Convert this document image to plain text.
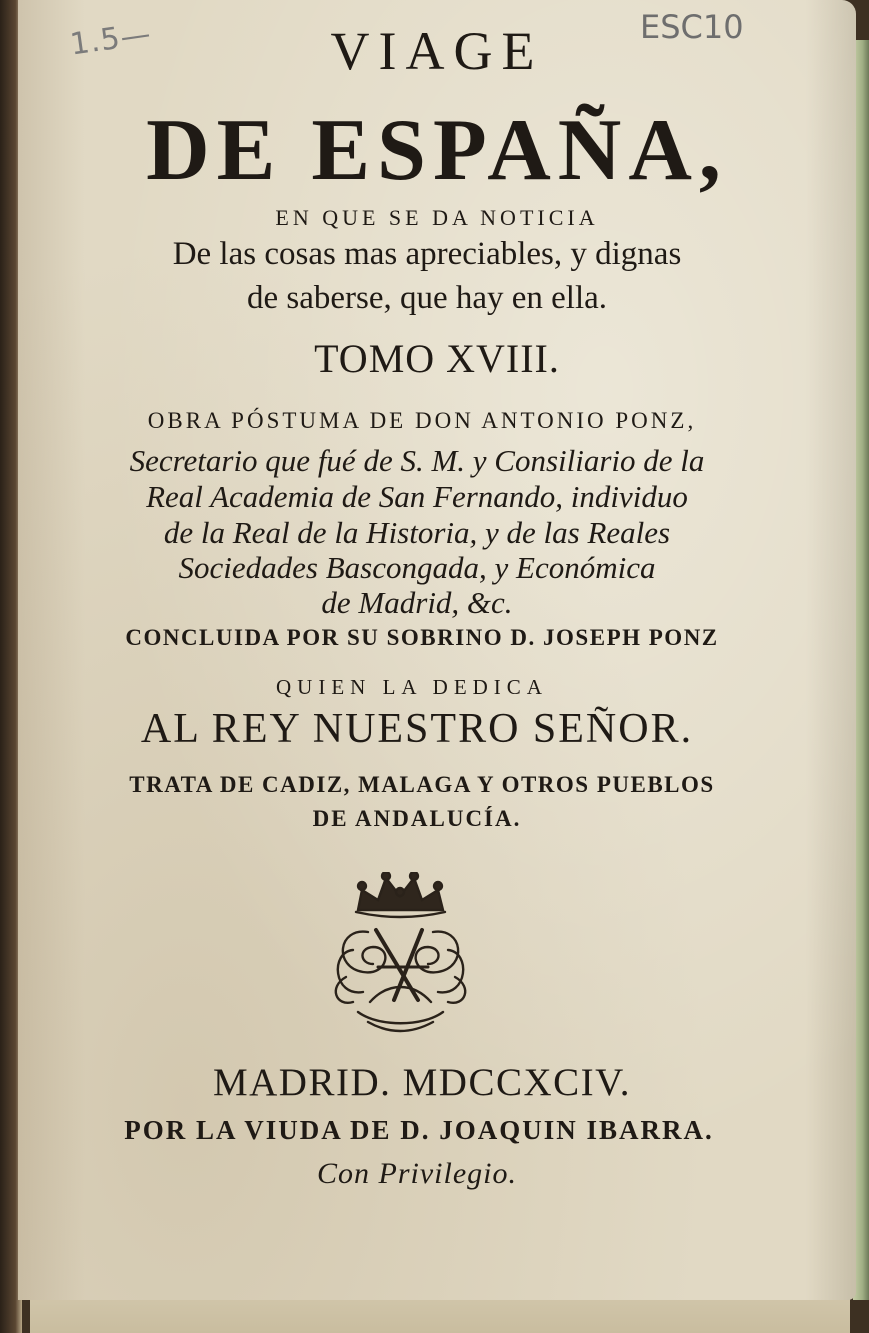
1.5—	ESC10

VIAGE

DE ESPAÑA,

EN QUE SE DA NOTICIA

De las cosas mas apreciables, y dignas

de saberse, que hay en ella.

TOMO XVIII.

OBRA PÓSTUMA DE DON ANTONIO PONZ,

Secretario que fué de S. M. y Consiliario de la

Real Academia de San Fernando, individuo

de la Real de la Historia, y de las Reales

Sociedades Bascongada, y Económica

de Madrid, &c.

CONCLUIDA POR SU SOBRINO D. JOSEPH PONZ

QUIEN LA DEDICA

AL REY NUESTRO SEÑOR.

TRATA DE CADIZ, MALAGA Y OTROS PUEBLOS

DE ANDALUCÍA.

MADRID. MDCCXCIV.

POR LA VIUDA DE D. JOAQUIN IBARRA.

Con Privilegio.
